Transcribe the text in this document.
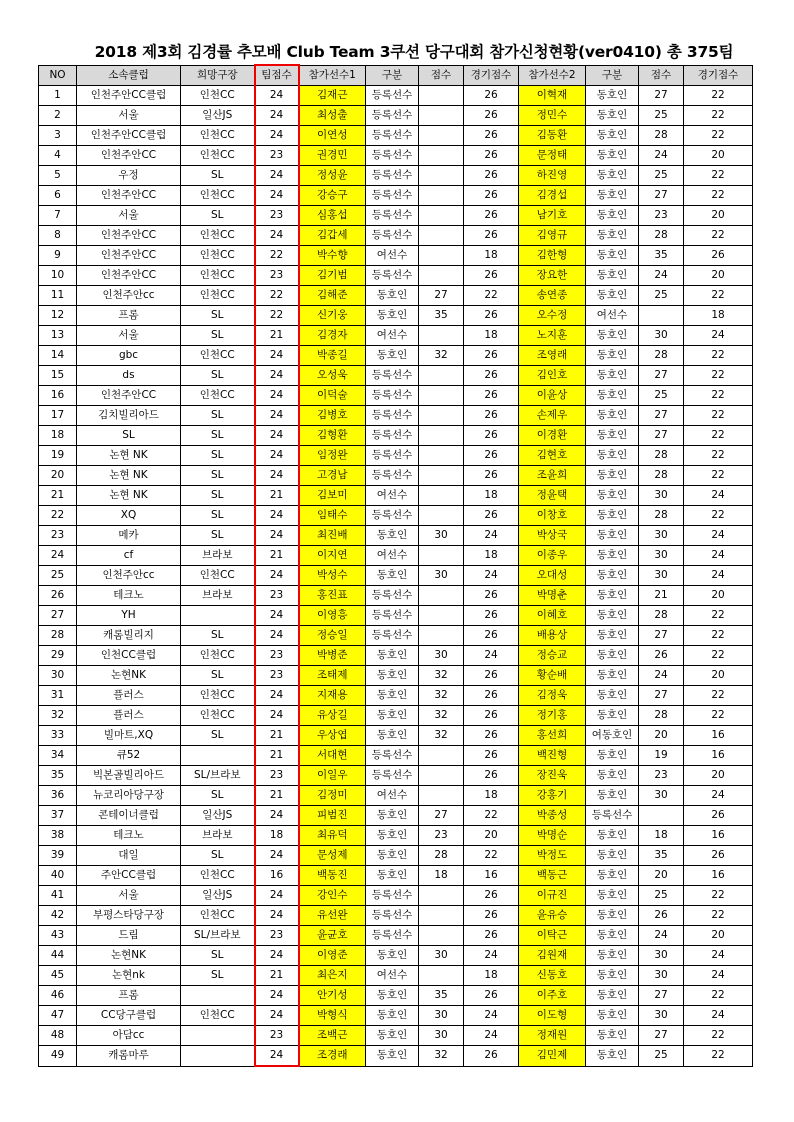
2018 제3회 김경률 추모배 Club Team 3쿠션 당구대회 참가신청현황(ver0410) 총 375팀
NO	소속클럽	희망구장	팀점수	참가선수1	구분	점수	경기점수	참가선수2	구분	점수	경기점수
1	인천주안CC클럽	인천CC	24	김재근	등록선수		26	이혁재	동호인	27	22
2	서울	일산JS	24	최성출	등록선수		26	정민수	동호인	25	22
3	인천주안CC클럽	인천CC	24	이연성	등록선수		26	김동환	동호인	28	22
4	인천주안CC	인천CC	23	권경민	등록선수		26	문정태	동호인	24	20
5	우정	SL	24	정성윤	등록선수		26	하진영	동호인	25	22
6	인천주안CC	인천CC	24	강승구	등록선수		26	김경섭	동호인	27	22
7	서울	SL	23	심홍섭	등록선수		26	남기호	동호인	23	20
8	인천주안CC	인천CC	24	김갑세	등록선수		26	김영규	동호인	28	22
9	인천주안CC	인천CC	22	박수향	여선수		18	김한형	동호인	35	26
10	인천주안CC	인천CC	23	김기범	등록선수		26	장요한	동호인	24	20
11	인천주안cc	인천CC	22	김해준	동호인	27	22	송연종	동호인	25	22
12	프롬	SL	22	신기웅	동호인	35	26	오수정	여선수		18
13	서울	SL	21	김경자	여선수		18	노지훈	동호인	30	24
14	gbc	인천CC	24	박종길	동호인	32	26	조영래	동호인	28	22
15	ds	SL	24	오성욱	등록선수		26	김인호	동호인	27	22
16	인천주안CC	인천CC	24	이덕술	등록선수		26	이윤상	동호인	25	22
17	김치빌리아드	SL	24	김병호	등록선수		26	손제우	동호인	27	22
18	SL	SL	24	김형환	등록선수		26	이경환	동호인	27	22
19	논현 NK	SL	24	임정완	등록선수		26	김현호	동호인	28	22
20	논현 NK	SL	24	고경남	등록선수		26	조윤희	동호인	28	22
21	논현 NK	SL	21	김보미	여선수		18	정윤택	동호인	30	24
22	XQ	SL	24	임태수	등록선수		26	이창호	동호인	28	22
23	메카	SL	24	최진배	동호인	30	24	박상국	동호인	30	24
24	cf	브라보	21	이지연	여선수		18	이종우	동호인	30	24
25	인천주안cc	인천CC	24	박성수	동호인	30	24	오대성	동호인	30	24
26	테크노	브라보	23	홍진표	등록선수		26	박명춘	동호인	21	20
27	YH		24	이영흥	등록선수		26	이혜호	동호인	28	22
28	캐롬빌리지	SL	24	정승일	등록선수		26	배용상	동호인	27	22
29	인천CC클럽	인천CC	23	박병준	동호인	30	24	정승교	동호인	26	22
30	논현NK	SL	23	조태제	동호인	32	26	황순배	동호인	24	20
31	플러스	인천CC	24	지재용	동호인	32	26	김정욱	동호인	27	22
32	플러스	인천CC	24	유상길	동호인	32	26	정기홍	동호인	28	22
33	빌마트,XQ	SL	21	우상엽	동호인	32	26	홍선희	여동호인	20	16
34	큐52		21	서대현	등록선수		26	백진형	동호인	19	16
35	빅본골빌리아드	SL/브라보	23	이일우	등록선수		26	장진욱	동호인	23	20
36	뉴코리아당구장	SL	21	김정미	여선수		18	강홍기	동호인	30	24
37	콘테이너클럽	일산JS	24	피범진	동호인	27	22	박종성	등록선수		26
38	테크노	브라보	18	최유덕	동호인	23	20	박명순	동호인	18	16
39	대일	SL	24	문성제	동호인	28	22	박정도	동호인	35	26
40	주안CC클럽	인천CC	16	백동진	동호인	18	16	백동근	동호인	20	16
41	서울	일산JS	24	강인수	등록선수		26	이규진	동호인	25	22
42	부평스타당구장	인천CC	24	유선완	등록선수		26	윤유승	동호인	26	22
43	드림	SL/브라보	23	윤균호	등록선수		26	이탁근	동호인	24	20
44	논현NK	SL	24	이영준	동호인	30	24	김원재	동호인	30	24
45	논현nk	SL	21	최은지	여선수		18	신동호	동호인	30	24
46	프롬		24	안기성	동호인	35	26	이주호	동호인	27	22
47	CC당구클럽	인천CC	24	박형식	동호인	30	24	이도형	동호인	30	24
48	아담cc		23	조백근	동호인	30	24	정재원	동호인	27	22
49	캐롬마루		24	조경래	동호인	32	26	김민제	동호인	25	22
